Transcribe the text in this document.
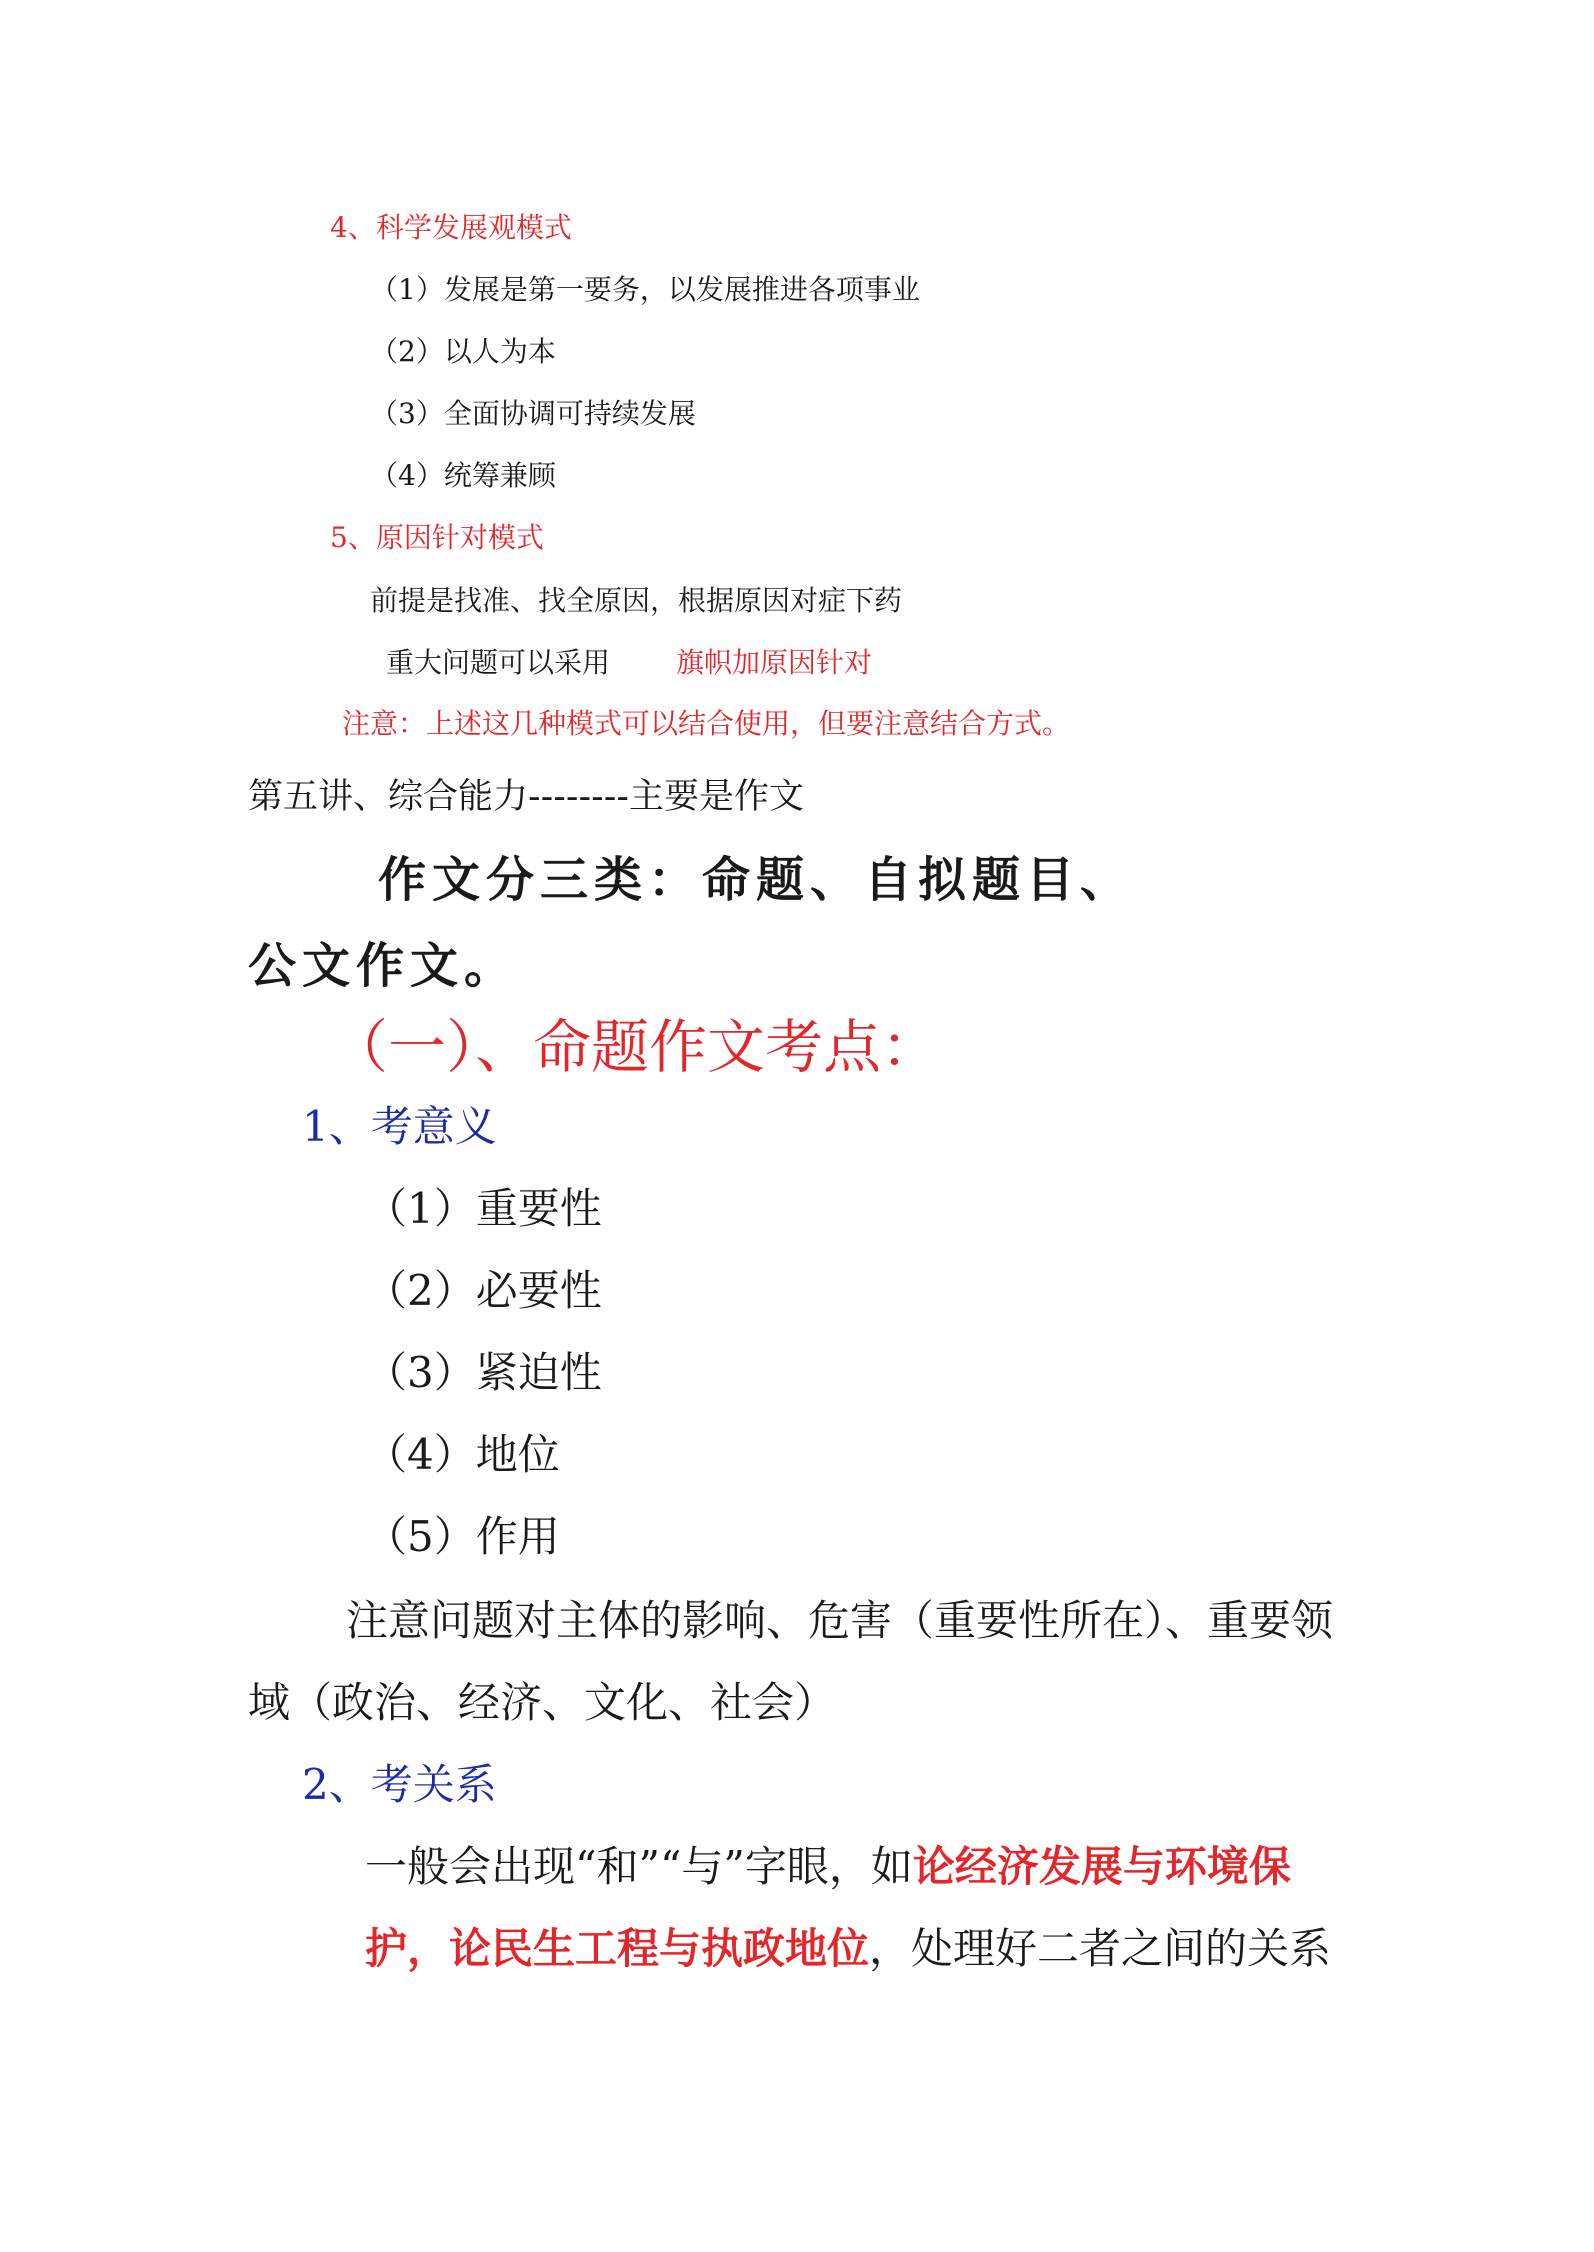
4、科学发展观模式
（1）发展是第一要务，以发展推进各项事业
（2）以人为本
（3）全面协调可持续发展
（4）统筹兼顾
5、原因针对模式
前提是找准、找全原因，根据原因对症下药
重大问题可以采用 旗帜加原因针对
注意：上述这几种模式可以结合使用，但要注意结合方式。
第五讲、综合能力--------主要是作文
作文分三类：命题、自拟题目、
公文作文。
（一）、命题作文考点：
1、考意义
（1）重要性
（2）必要性
（3）紧迫性
（4）地位
（5）作用
注意问题对主体的影响、危害（重要性所在）、重要领
域（政治、经济、文化、社会）
2、考关系
一般会出现“和”“与”字眼，如论经济发展与环境保
护，论民生工程与执政地位，处理好二者之间的关系
